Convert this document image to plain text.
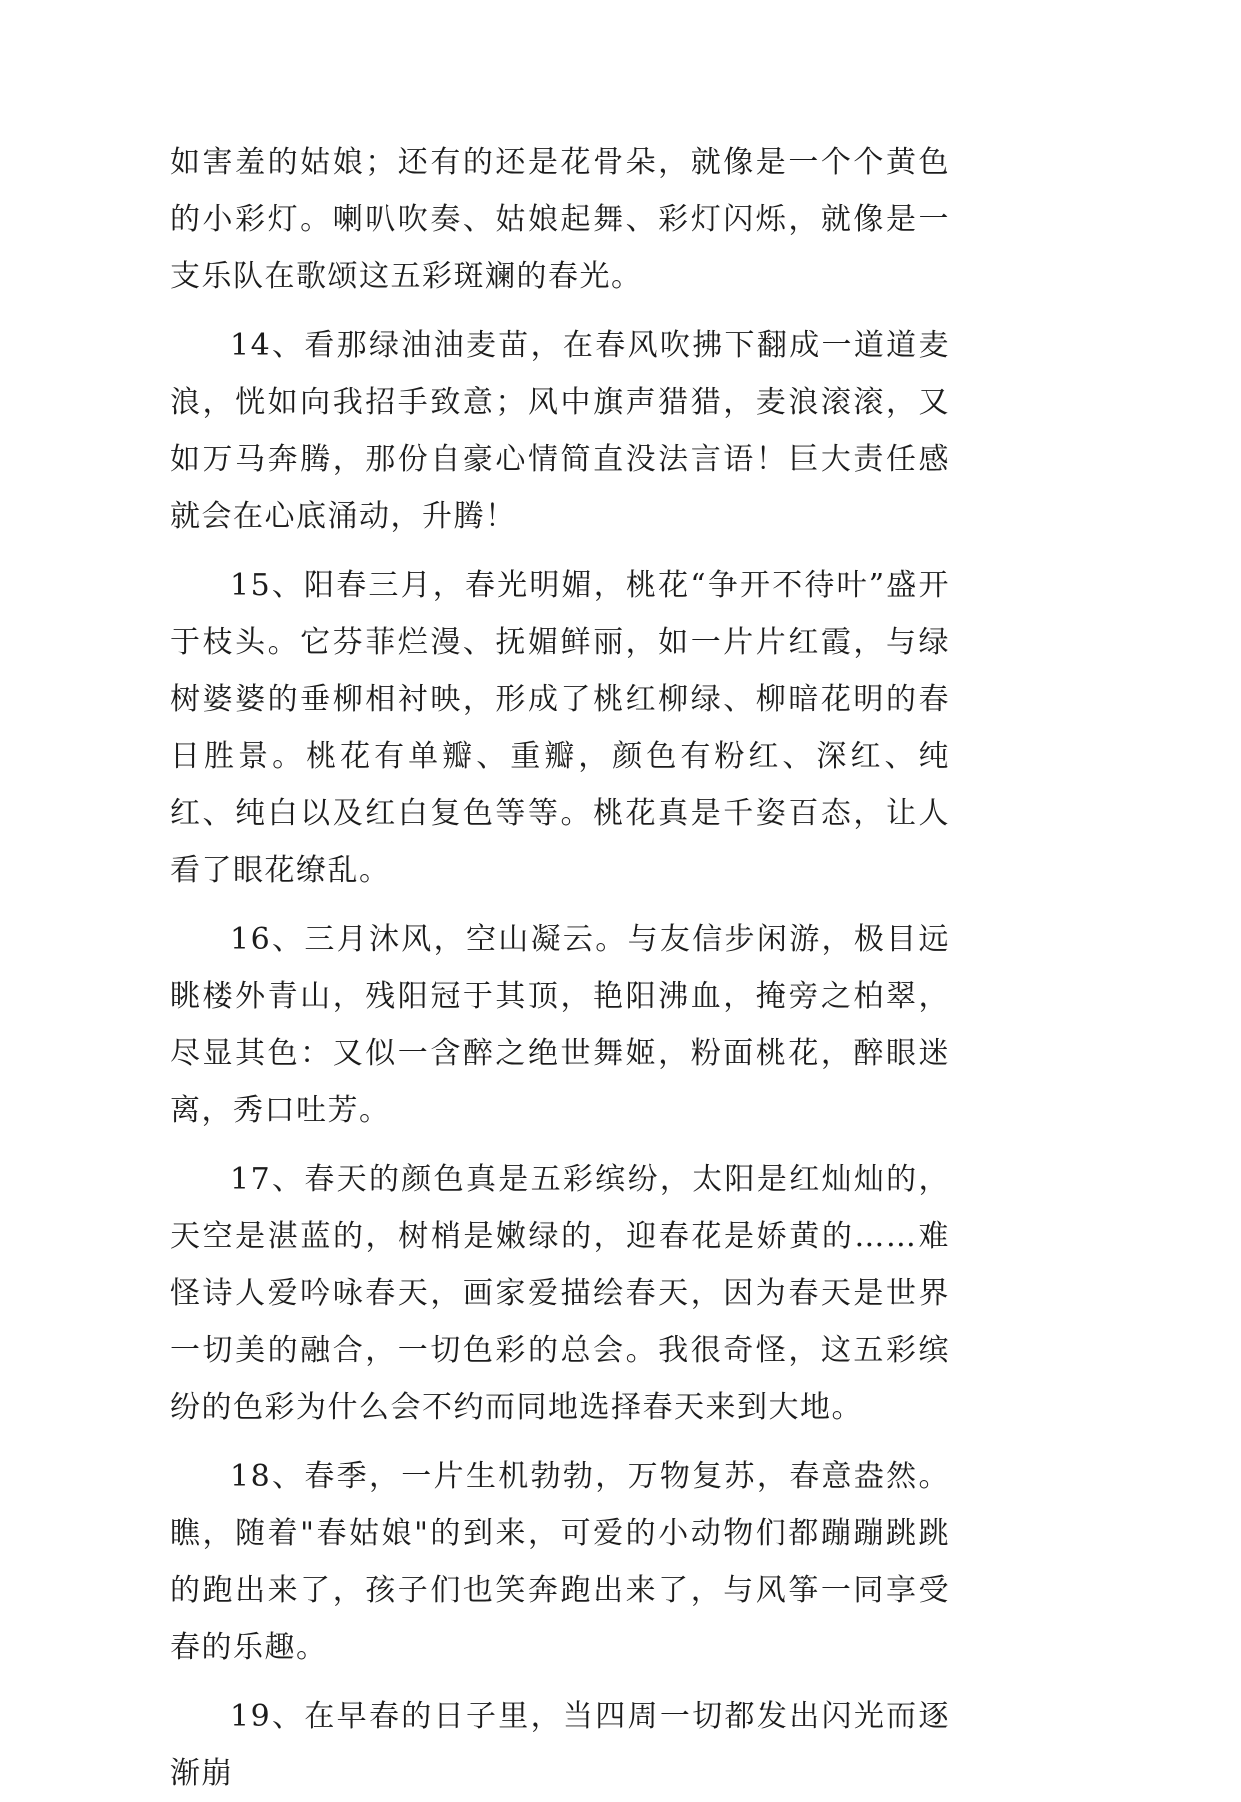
如害羞的姑娘；还有的还是花骨朵，就像是一个个黄色的小彩灯。喇叭吹奏、姑娘起舞、彩灯闪烁，就像是一支乐队在歌颂这五彩斑斓的春光。

14、看那绿油油麦苗，在春风吹拂下翻成一道道麦浪，恍如向我招手致意；风中旗声猎猎，麦浪滚滚，又如万马奔腾，那份自豪心情简直没法言语！巨大责任感就会在心底涌动，升腾！

15、阳春三月，春光明媚，桃花“争开不待叶”盛开于枝头。它芬菲烂漫、抚媚鲜丽，如一片片红霞，与绿树婆婆的垂柳相衬映，形成了桃红柳绿、柳暗花明的春日胜景。桃花有单瓣、重瓣，颜色有粉红、深红、纯红、纯白以及红白复色等等。桃花真是千姿百态，让人看了眼花缭乱。

16、三月沐风，空山凝云。与友信步闲游，极目远眺楼外青山，残阳冠于其顶，艳阳沸血，掩旁之柏翠，尽显其色：又似一含醉之绝世舞姬，粉面桃花，醉眼迷离，秀口吐芳。

17、春天的颜色真是五彩缤纷，太阳是红灿灿的，天空是湛蓝的，树梢是嫩绿的，迎春花是娇黄的……难怪诗人爱吟咏春天，画家爱描绘春天，因为春天是世界一切美的融合，一切色彩的总会。我很奇怪，这五彩缤纷的色彩为什么会不约而同地选择春天来到大地。

18、春季，一片生机勃勃，万物复苏，春意盎然。瞧，随着"春姑娘"的到来，可爱的小动物们都蹦蹦跳跳的跑出来了，孩子们也笑奔跑出来了，与风筝一同享受春的乐趣。

19、在早春的日子里，当四周一切都发出闪光而逐渐崩
